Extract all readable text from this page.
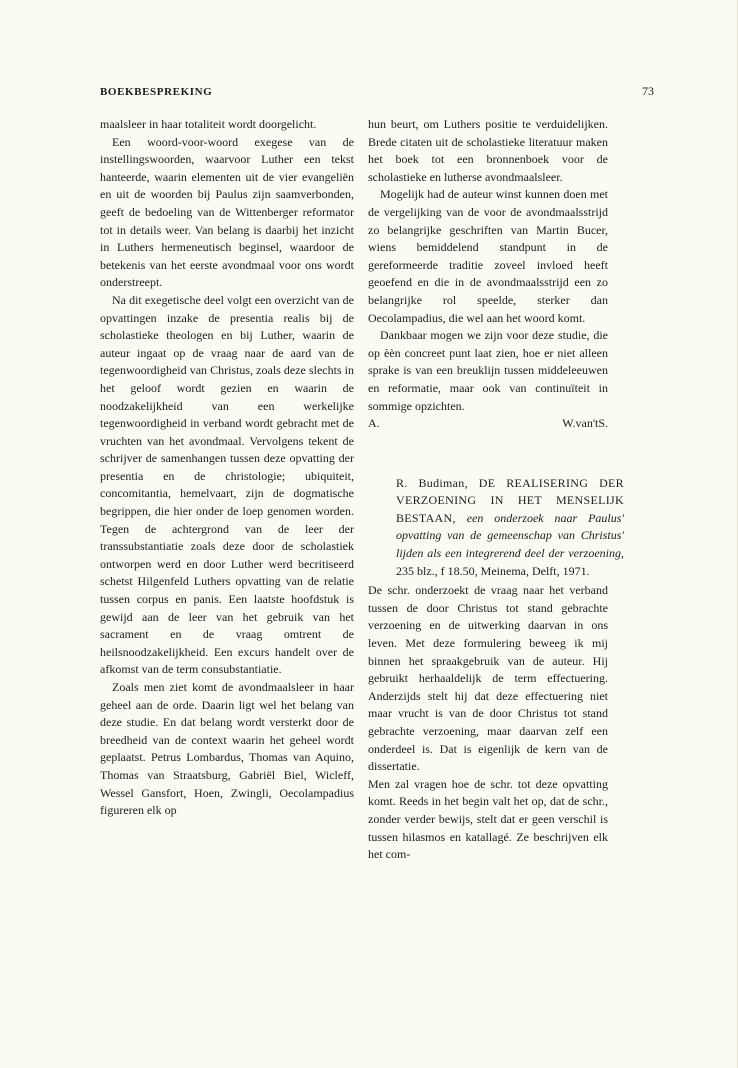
BOEKBESPREKING	73

maalsleer in haar totaliteit wordt doorgelicht.

Een woord-voor-woord exegese van de instellingswoorden, waarvoor Luther een tekst hanteerde, waarin elementen uit de vier evangeliën en uit de woorden bij Paulus zijn saamverbonden, geeft de bedoeling van de Wittenberger reformator tot in details weer. Van belang is daarbij het inzicht in Luthers hermeneutisch beginsel, waardoor de betekenis van het eerste avondmaal voor ons wordt onderstreept.

Na dit exegetische deel volgt een overzicht van de opvattingen inzake de presentia realis bij de scholastieke theologen en bij Luther, waarin de auteur ingaat op de vraag naar de aard van de tegenwoordigheid van Christus, zoals deze slechts in het geloof wordt gezien en waarin de noodzakelijkheid van een werkelijke tegenwoordigheid in verband wordt gebracht met de vruchten van het avondmaal. Vervolgens tekent de schrijver de samenhangen tussen deze opvatting der presentia en de christologie; ubiquiteit, concomitantia, hemelvaart, zijn de dogmatische begrippen, die hier onder de loep genomen worden. Tegen de achtergrond van de leer der transsubstantiatie zoals deze door de scholastiek ontworpen werd en door Luther werd becritiseerd schetst Hilgenfeld Luthers opvatting van de relatie tussen corpus en panis. Een laatste hoofdstuk is gewijd aan de leer van het gebruik van het sacrament en de vraag omtrent de heilsnoodzakelijkheid. Een excurs handelt over de afkomst van de term consubstantiatie.

Zoals men ziet komt de avondmaalsleer in haar geheel aan de orde. Daarin ligt wel het belang van deze studie. En dat belang wordt versterkt door de breedheid van de context waarin het geheel wordt geplaatst. Petrus Lombardus, Thomas van Aquino, Thomas van Straatsburg, Gabriël Biel, Wicleff, Wessel Gansfort, Hoen, Zwingli, Oecolampadius figureren elk op

hun beurt, om Luthers positie te verduidelijken. Brede citaten uit de scholastieke literatuur maken het boek tot een bronnenboek voor de scholastieke en lutherse avondmaalsleer.

Mogelijk had de auteur winst kunnen doen met de vergelijking van de voor de avondmaalsstrijd zo belangrijke geschriften van Martin Bucer, wiens bemiddelend standpunt in de gereformeerde traditie zoveel invloed heeft geoefend en die in de avondmaalsstrijd een zo belangrijke rol speelde, sterker dan Oecolampadius, die wel aan het woord komt.

Dankbaar mogen we zijn voor deze studie, die op èèn concreet punt laat zien, hoe er niet alleen sprake is van een breuklijn tussen middeleeuwen en reformatie, maar ook van continuïteit in sommige opzichten.

A.	W.van'tS.

R. Budiman, DE REALISERING DER VERZOENING IN HET MENSELIJK BESTAAN, een onderzoek naar Paulus' opvatting van de gemeenschap van Christus' lijden als een integrerend deel der verzoening, 235 blz., f 18.50, Meinema, Delft, 1971.

De schr. onderzoekt de vraag naar het verband tussen de door Christus tot stand gebrachte verzoening en de uitwerking daarvan in ons leven. Met deze formulering beweeg ik mij binnen het spraakgebruik van de auteur. Hij gebruikt herhaaldelijk de term effectuering. Anderzijds stelt hij dat deze effectuering niet maar vrucht is van de door Christus tot stand gebrachte verzoening, maar daarvan zelf een onderdeel is. Dat is eigenlijk de kern van de dissertatie.

Men zal vragen hoe de schr. tot deze opvatting komt. Reeds in het begin valt het op, dat de schr., zonder verder bewijs, stelt dat er geen verschil is tussen hilasmos en katallagé. Ze beschrijven elk het com-
